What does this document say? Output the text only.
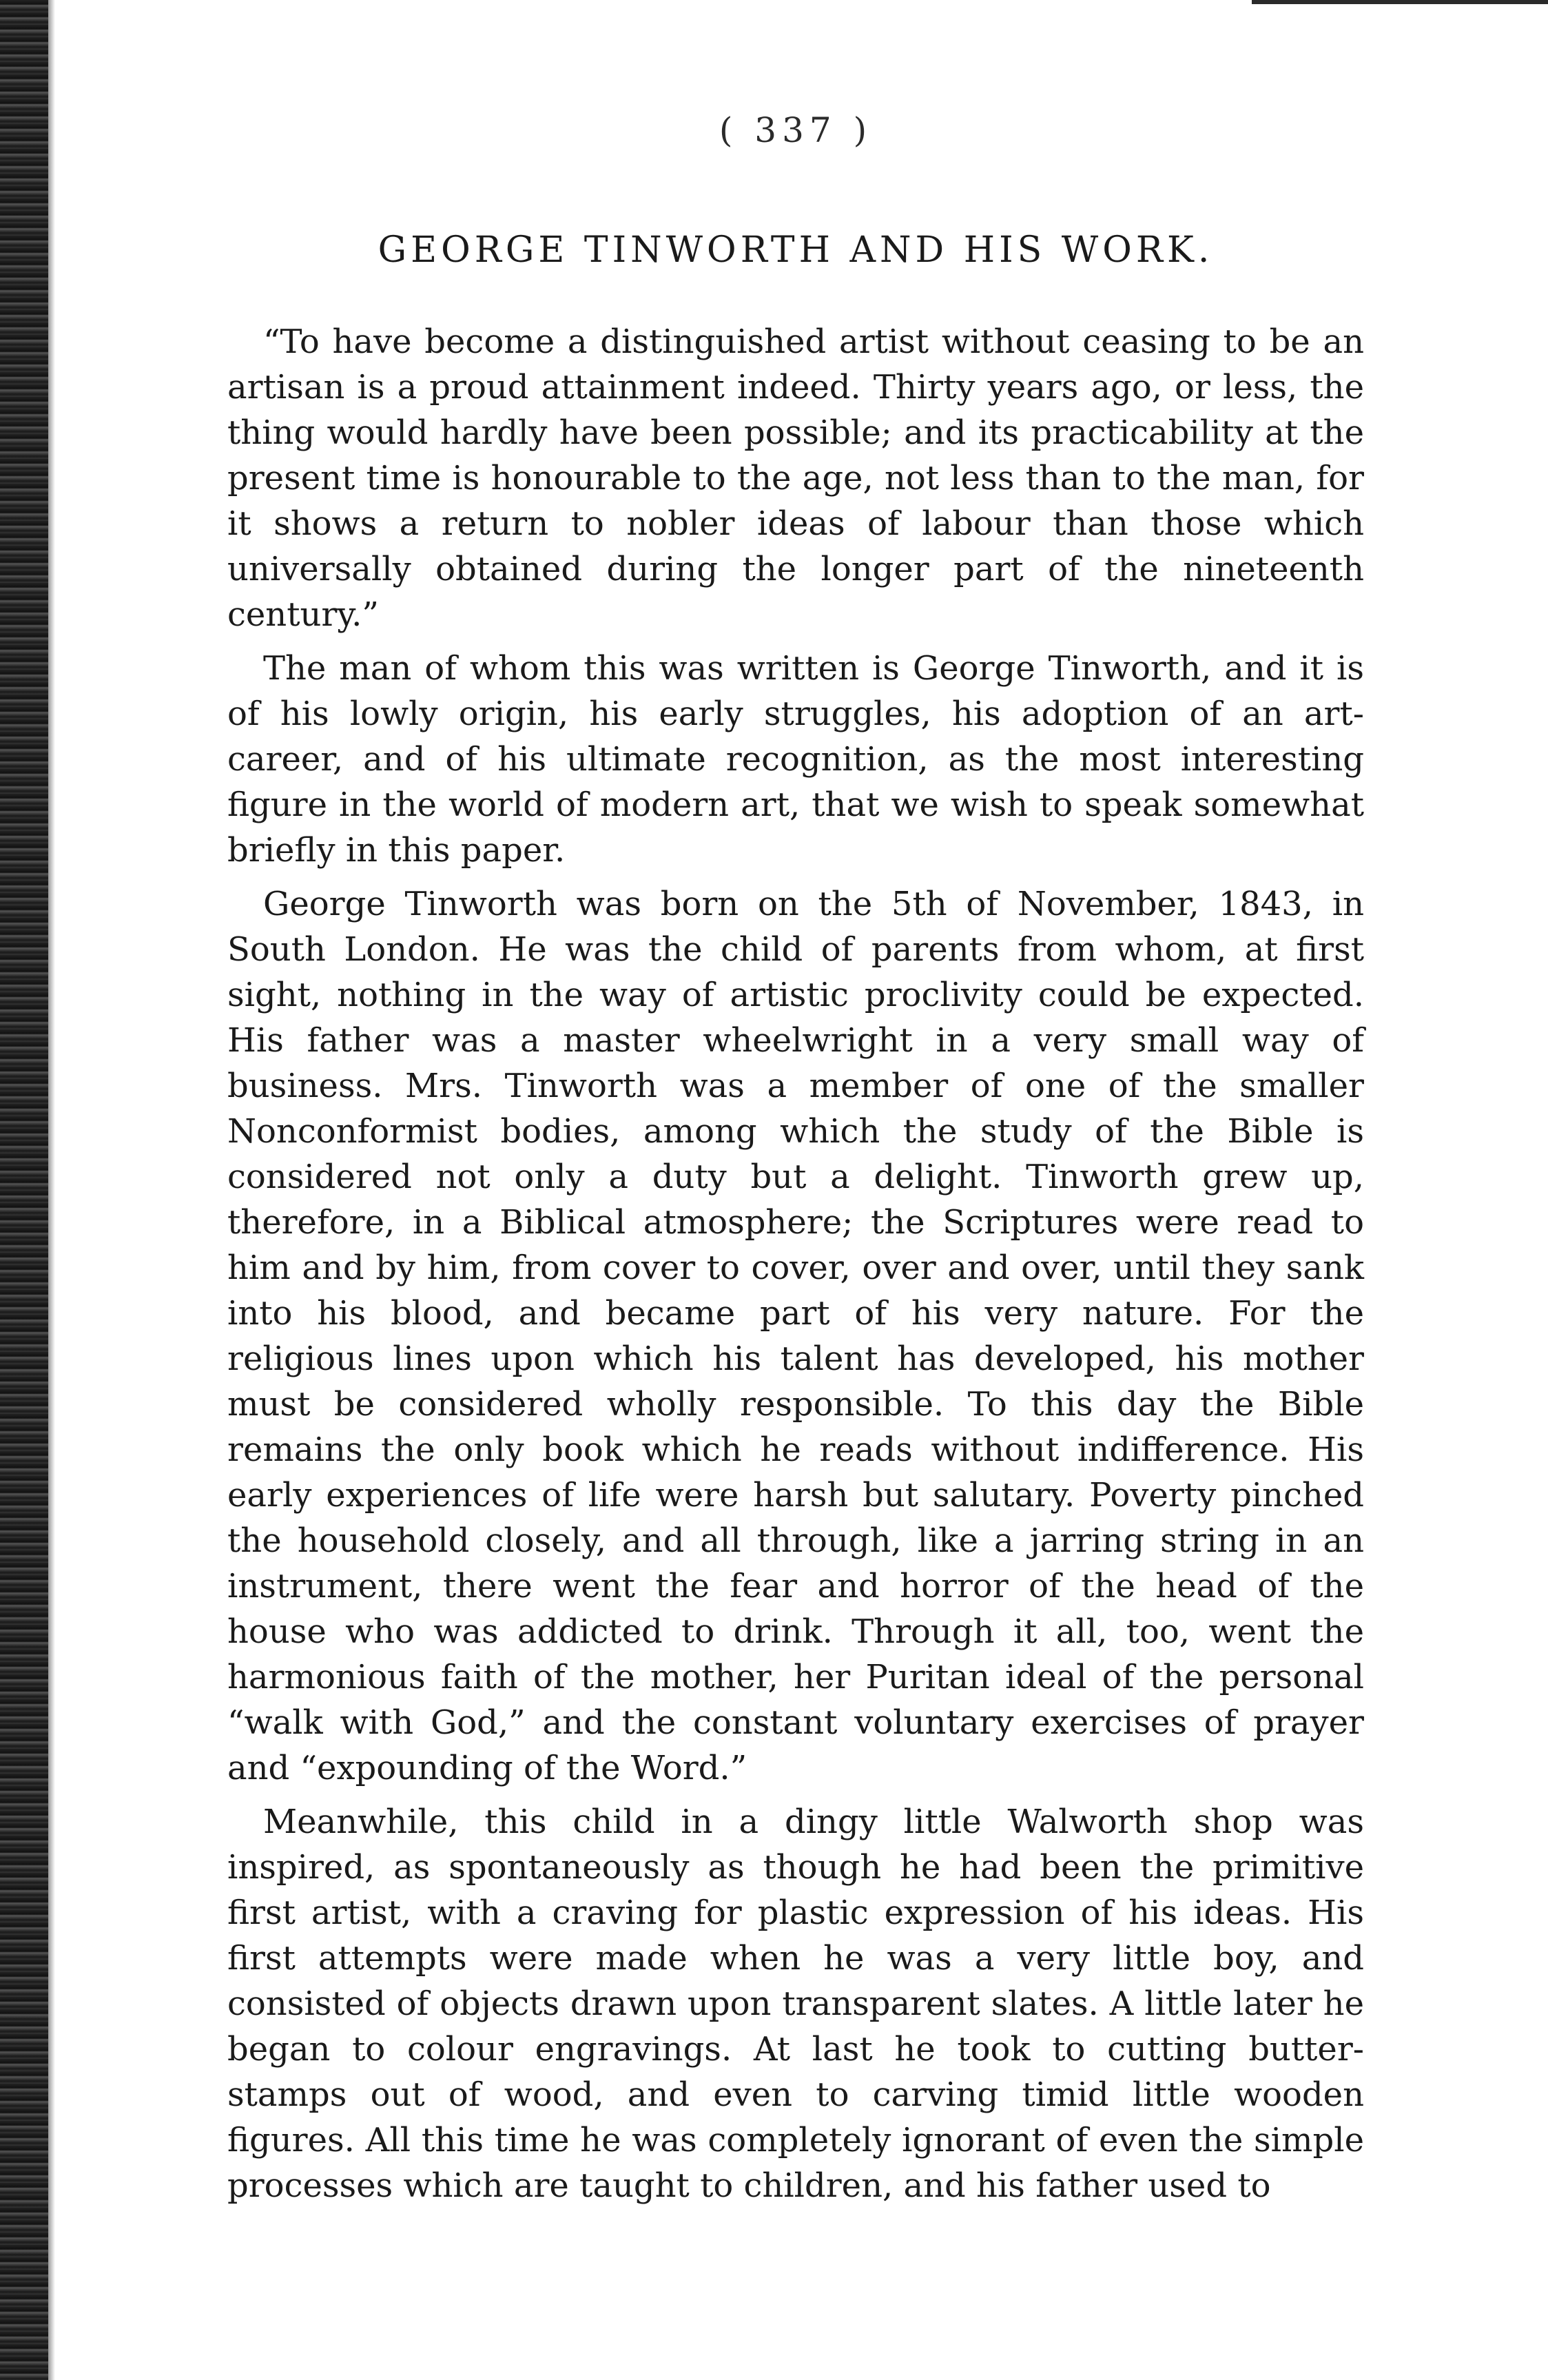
( 337 )
GEORGE TINWORTH AND HIS WORK.

“To have become a distinguished artist without ceasing to be an artisan is a proud attainment indeed. Thirty years ago, or less, the thing would hardly have been possible; and its practicability at the present time is honourable to the age, not less than to the man, for it shows a return to nobler ideas of labour than those which universally obtained during the longer part of the nineteenth century.”

The man of whom this was written is George Tinworth, and it is of his lowly origin, his early struggles, his adoption of an art-career, and of his ultimate recognition, as the most interesting figure in the world of modern art, that we wish to speak somewhat briefly in this paper.

George Tinworth was born on the 5th of November, 1843, in South London. He was the child of parents from whom, at first sight, nothing in the way of artistic proclivity could be expected. His father was a master wheelwright in a very small way of business. Mrs. Tinworth was a member of one of the smaller Nonconformist bodies, among which the study of the Bible is considered not only a duty but a delight. Tinworth grew up, therefore, in a Biblical atmosphere; the Scriptures were read to him and by him, from cover to cover, over and over, until they sank into his blood, and became part of his very nature. For the religious lines upon which his talent has developed, his mother must be considered wholly responsible. To this day the Bible remains the only book which he reads without indifference. His early experiences of life were harsh but salutary. Poverty pinched the household closely, and all through, like a jarring string in an instrument, there went the fear and horror of the head of the house who was addicted to drink. Through it all, too, went the harmonious faith of the mother, her Puritan ideal of the personal “walk with God,” and the constant voluntary exercises of prayer and “expounding of the Word.”

Meanwhile, this child in a dingy little Walworth shop was inspired, as spontaneously as though he had been the primitive first artist, with a craving for plastic expression of his ideas. His first attempts were made when he was a very little boy, and consisted of objects drawn upon transparent slates. A little later he began to colour engravings. At last he took to cutting butter-stamps out of wood, and even to carving timid little wooden figures. All this time he was completely ignorant of even the simple processes which are taught to children, and his father used to
